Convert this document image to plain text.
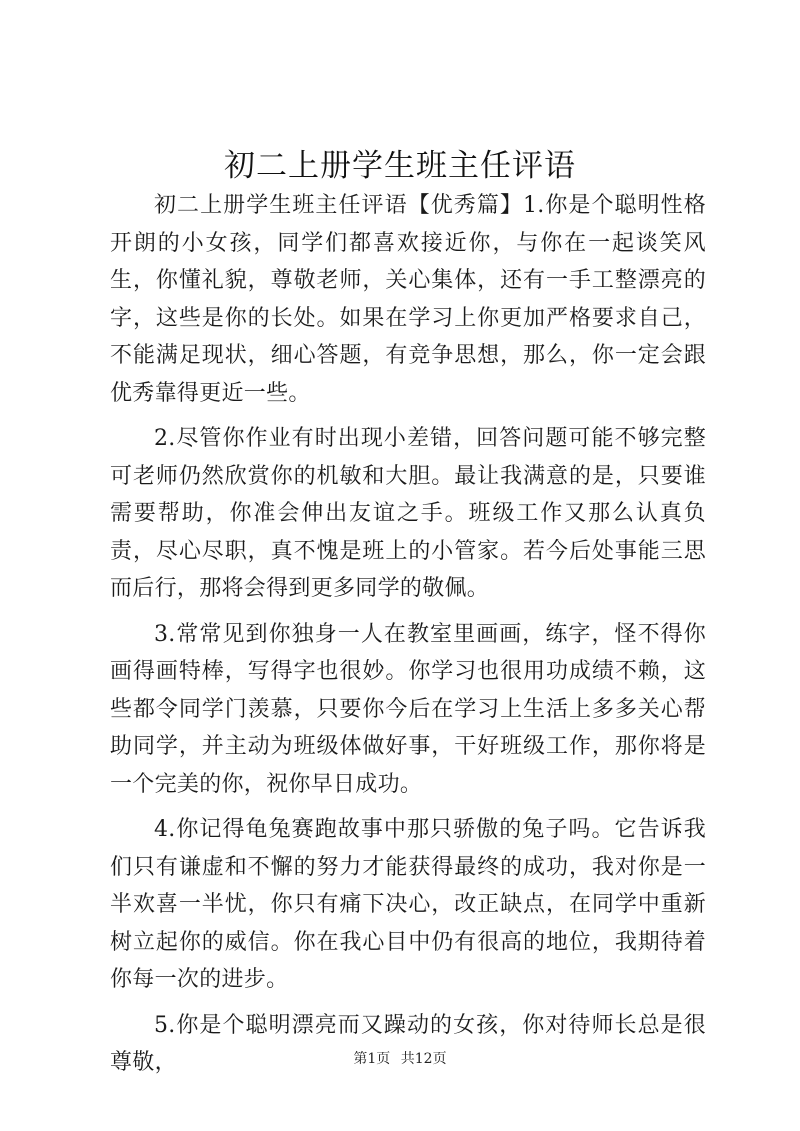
初二上册学生班主任评语

初二上册学生班主任评语【优秀篇】1.你是个聪明性格开朗的小女孩，同学们都喜欢接近你，与你在一起谈笑风生，你懂礼貌，尊敬老师，关心集体，还有一手工整漂亮的字，这些是你的长处。如果在学习上你更加严格要求自己，不能满足现状，细心答题，有竞争思想，那么，你一定会跟优秀靠得更近一些。

2.尽管你作业有时出现小差错，回答问题可能不够完整可老师仍然欣赏你的机敏和大胆。最让我满意的是，只要谁需要帮助，你准会伸出友谊之手。班级工作又那么认真负责，尽心尽职，真不愧是班上的小管家。若今后处事能三思而后行，那将会得到更多同学的敬佩。

3.常常见到你独身一人在教室里画画，练字，怪不得你画得画特棒，写得字也很妙。你学习也很用功成绩不赖，这些都令同学门羡慕，只要你今后在学习上生活上多多关心帮助同学，并主动为班级体做好事，干好班级工作，那你将是一个完美的你，祝你早日成功。

4.你记得龟兔赛跑故事中那只骄傲的兔子吗。它告诉我们只有谦虚和不懈的努力才能获得最终的成功，我对你是一半欢喜一半忧，你只有痛下决心，改正缺点，在同学中重新树立起你的威信。你在我心目中仍有很高的地位，我期待着你每一次的进步。

5.你是个聪明漂亮而又躁动的女孩，你对待师长总是很尊敬，	第1页 共12页
